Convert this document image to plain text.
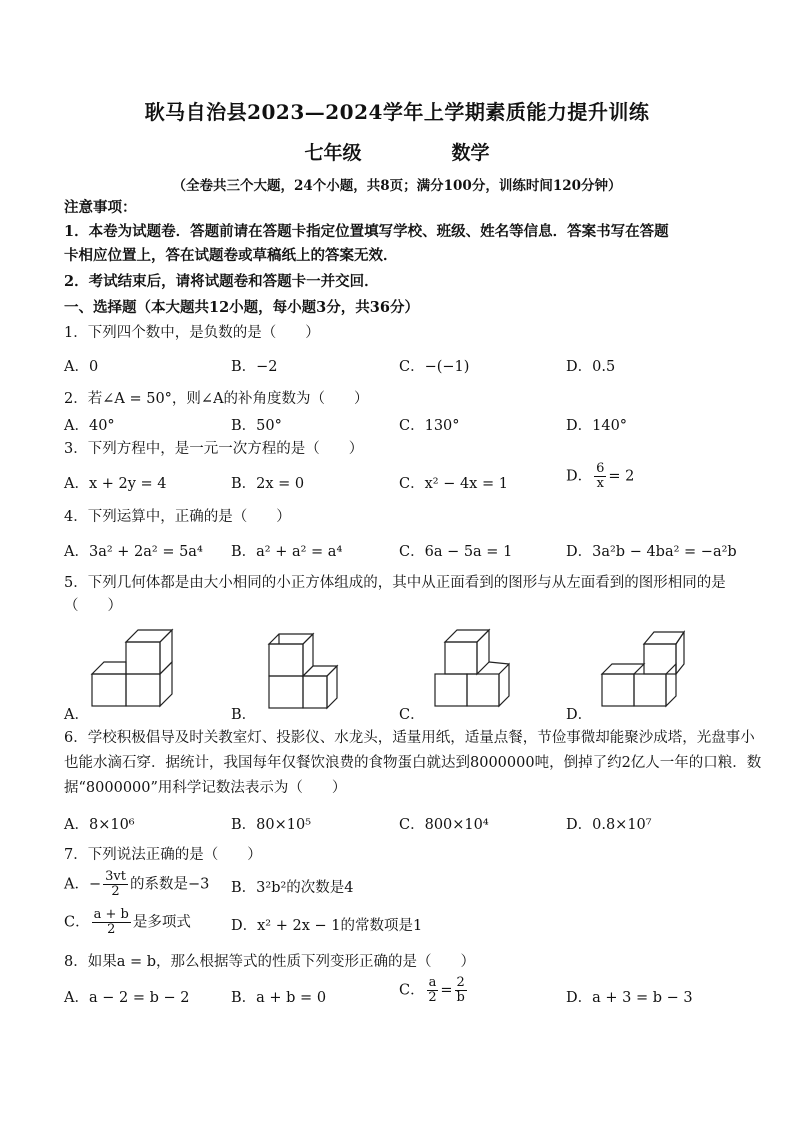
耿马自治县2023—2024学年上学期素质能力提升训练
七年级	数学
（全卷共三个大题，24个小题，共8页；满分100分，训练时间120分钟）
注意事项：
1．本卷为试题卷．答题前请在答题卡指定位置填写学校、班级、姓名等信息．答案书写在答题
卡相应位置上，答在试题卷或草稿纸上的答案无效．
2．考试结束后，请将试题卷和答题卡一并交回．
一、选择题（本大题共12小题，每小题3分，共36分）
1．下列四个数中，是负数的是（　　）
A．0	B．−2	C．−(−1)	D．0.5
2．若∠A = 50°，则∠A的补角度数为（　　）
A．40°	B．50°	C．130°	D．140°
3．下列方程中，是一元一次方程的是（　　）
A．x + 2y = 4	B．2x = 0	C．x² − 4x = 1	D． $\frac{6}{x} = 2$
4．下列运算中，正确的是（　　）
A．3a² + 2a² = 5a⁴ B．a² + a² = a⁴	C．6a − 5a = 1	D．3a²b − 4ba² = −a²b
5．下列几何体都是由大小相同的小正方体组成的，其中从正面看到的图形与从左面看到的图形相同的是
（　　）
A．	B．	C．	D．
6．学校积极倡导及时关教室灯、投影仪、水龙头，适量用纸，适量点餐，节俭事微却能聚沙成塔，光盘事小
也能水滴石穿．据统计，我国每年仅餐饮浪费的食物蛋白就达到8000000吨，倒掉了约2亿人一年的口粮．数
据“8000000”用科学记数法表示为（　　）
A．8×10⁶	B．80×10⁵	C．800×10⁴	D．0.8×10⁷
7．下列说法正确的是（　　）
A．− $\frac{3vt}{2}$ 的系数是−3 B．3²b²的次数是4
C． $\frac{a + b}{2}$ 是多项式	D．x² + 2x − 1的常数项是1
8．如果a = b，那么根据等式的性质下列变形正确的是（　　）
A．a − 2 = b − 2	B．a + b = 0	C． $\frac{a}{2} = \frac{2}{b}$	D．a + 3 = b − 3
